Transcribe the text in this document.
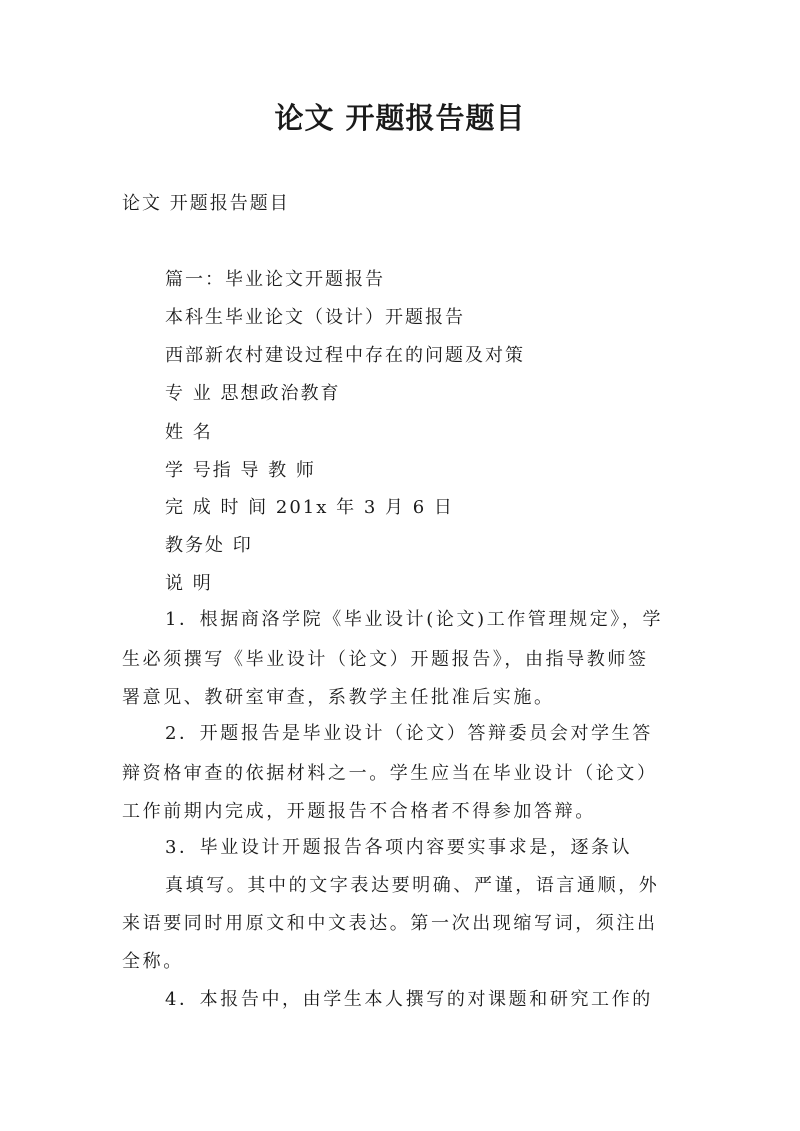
论文 开题报告题目
论文 开题报告题目
篇一：毕业论文开题报告
本科生毕业论文（设计）开题报告
西部新农村建设过程中存在的问题及对策
专 业 思想政治教育
姓 名
学 号指 导 教 师
完 成 时 间 201x 年 3 月 6 日
教务处 印
说 明
1．根据商洛学院《毕业设计(论文)工作管理规定》，学
生必须撰写《毕业设计（论文）开题报告》，由指导教师签
署意见、教研室审查，系教学主任批准后实施。
2．开题报告是毕业设计（论文）答辩委员会对学生答
辩资格审查的依据材料之一。学生应当在毕业设计（论文）
工作前期内完成，开题报告不合格者不得参加答辩。
3．毕业设计开题报告各项内容要实事求是，逐条认
真填写。其中的文字表达要明确、严谨，语言通顺，外
来语要同时用原文和中文表达。第一次出现缩写词，须注出
全称。
4．本报告中，由学生本人撰写的对课题和研究工作的
